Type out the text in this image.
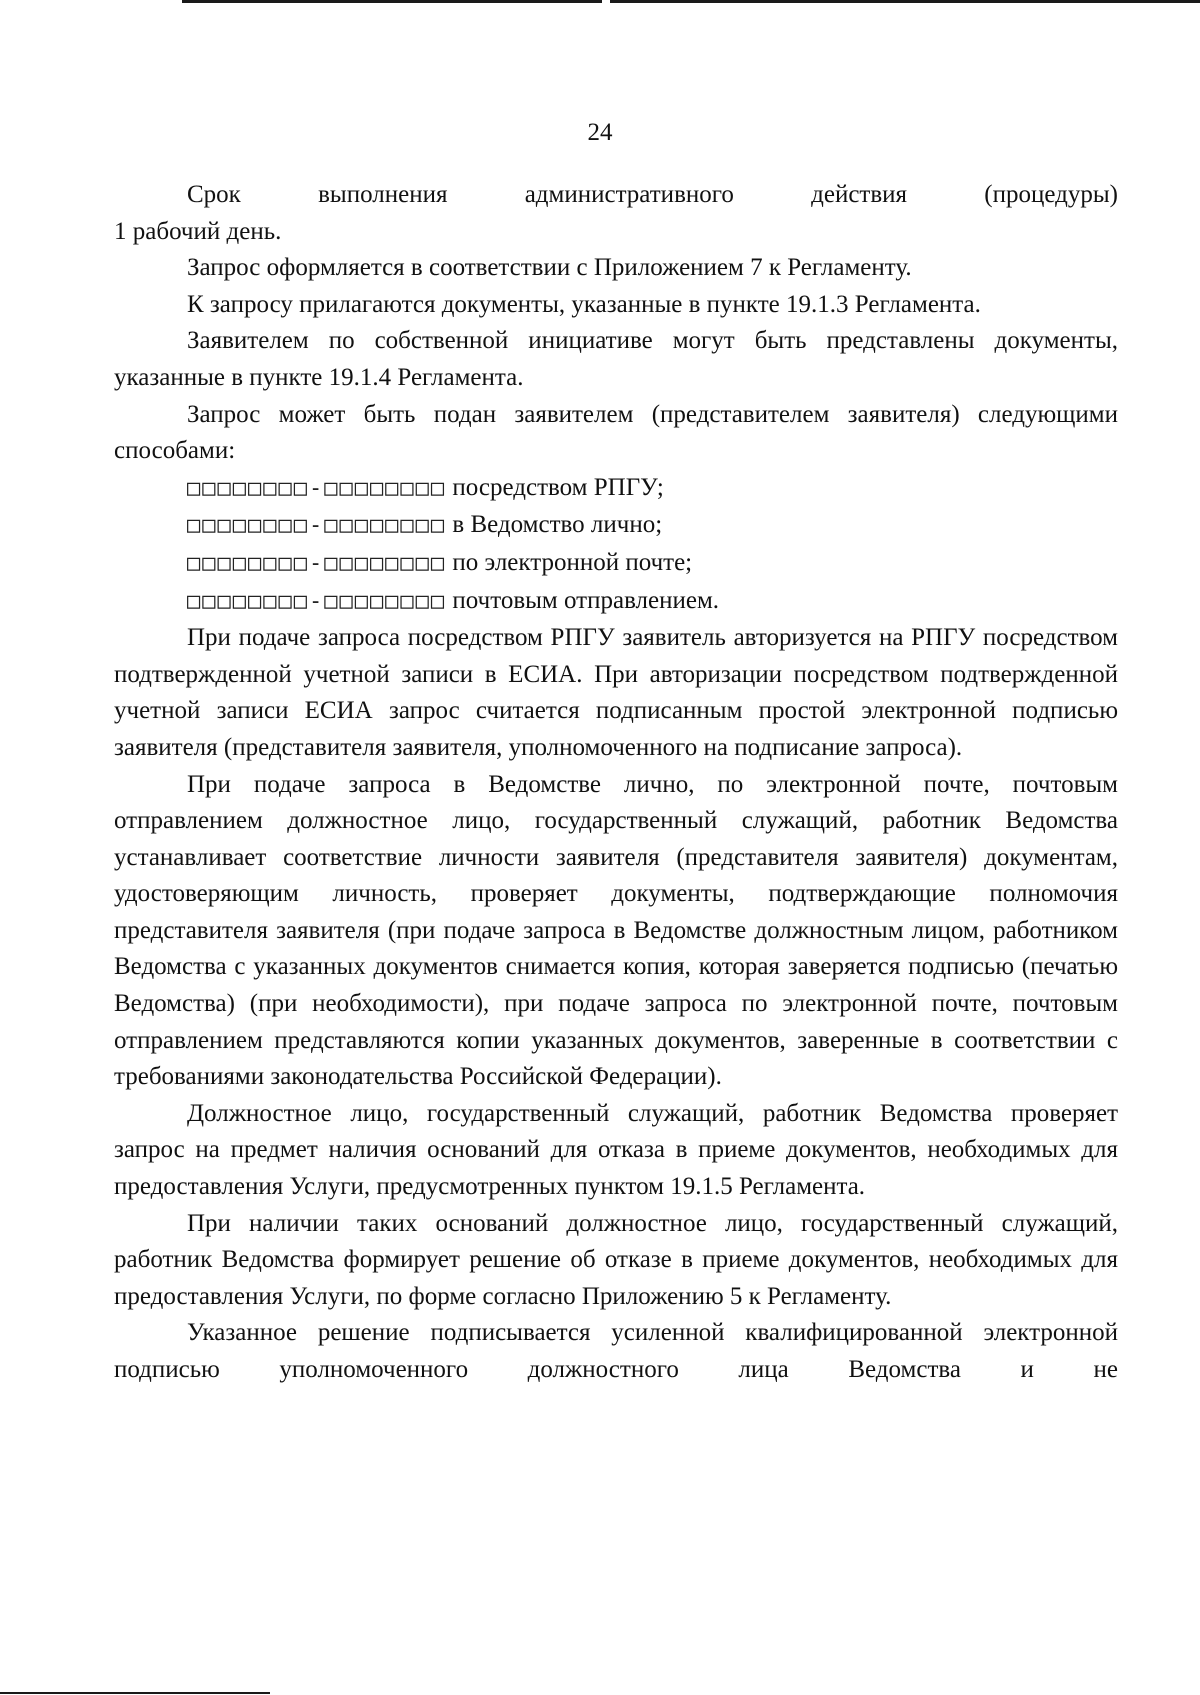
24

Срок выполнения административного действия (процедуры)
1 рабочий день.

Запрос оформляется в соответствии с Приложением 7 к Регламенту.

К запросу прилагаются документы, указанные в пункте 19.1.3 Регламента.

Заявителем по собственной инициативе могут быть представлены документы, указанные в пункте 19.1.4 Регламента.

Запрос может быть подан заявителем (представителем заявителя) следующими способами:

□□□□□□□□-□□□□□□□□ посредством РПГУ;

□□□□□□□□-□□□□□□□□ в Ведомство лично;

□□□□□□□□-□□□□□□□□ по электронной почте;

□□□□□□□□-□□□□□□□□ почтовым отправлением.

При подаче запроса посредством РПГУ заявитель авторизуется на РПГУ посредством подтвержденной учетной записи в ЕСИА. При авторизации посредством подтвержденной учетной записи ЕСИА запрос считается подписанным простой электронной подписью заявителя (представителя заявителя, уполномоченного на подписание запроса).

При подаче запроса в Ведомстве лично, по электронной почте, почтовым отправлением должностное лицо, государственный служащий, работник Ведомства устанавливает соответствие личности заявителя (представителя заявителя) документам, удостоверяющим личность, проверяет документы, подтверждающие полномочия представителя заявителя (при подаче запроса в Ведомстве должностным лицом, работником Ведомства с указанных документов снимается копия, которая заверяется подписью (печатью Ведомства) (при необходимости), при подаче запроса по электронной почте, почтовым отправлением представляются копии указанных документов, заверенные в соответствии с требованиями законодательства Российской Федерации).

Должностное лицо, государственный служащий, работник Ведомства проверяет запрос на предмет наличия оснований для отказа в приеме документов, необходимых для предоставления Услуги, предусмотренных пунктом 19.1.5 Регламента.

При наличии таких оснований должностное лицо, государственный служащий, работник Ведомства формирует решение об отказе в приеме документов, необходимых для предоставления Услуги, по форме согласно Приложению 5 к Регламенту.

Указанное решение подписывается усиленной квалифицированной электронной подписью уполномоченного должностного лица Ведомства и не
